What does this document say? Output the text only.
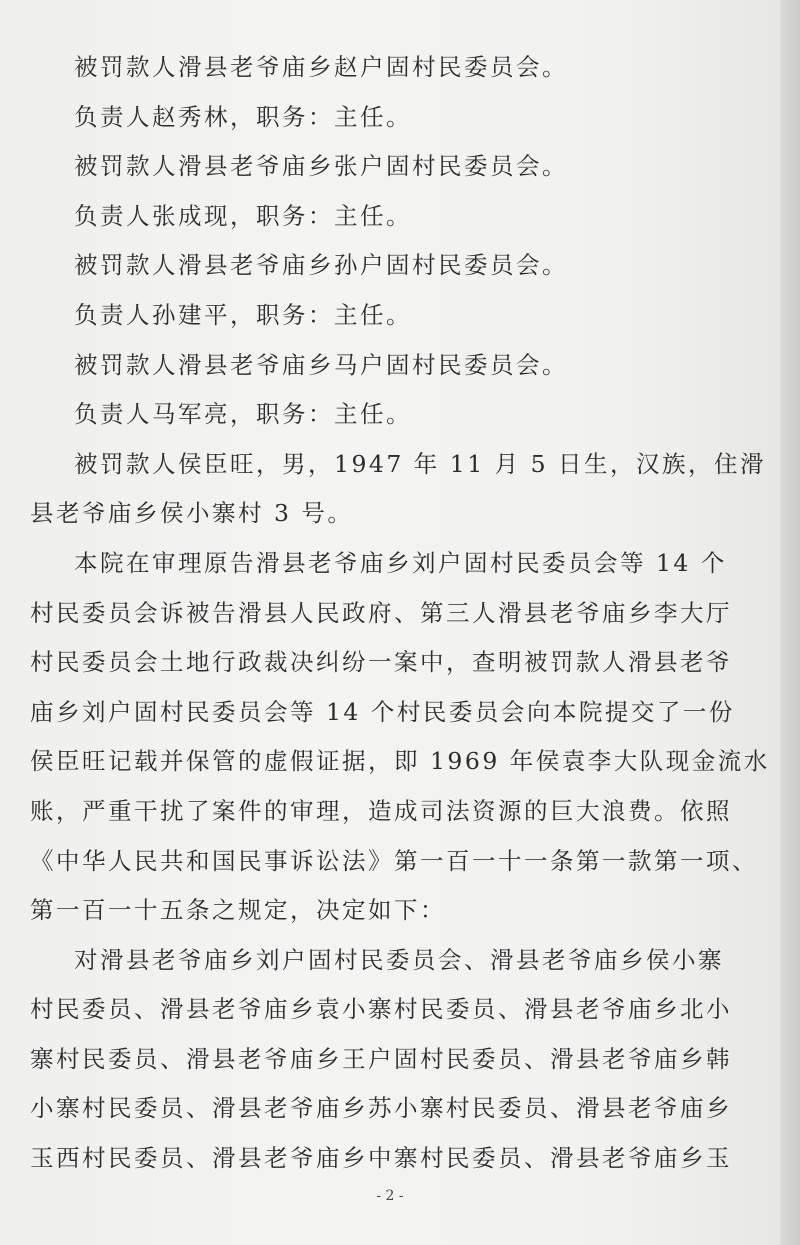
被罚款人滑县老爷庙乡赵户固村民委员会。
负责人赵秀林，职务：主任。
被罚款人滑县老爷庙乡张户固村民委员会。
负责人张成现，职务：主任。
被罚款人滑县老爷庙乡孙户固村民委员会。
负责人孙建平，职务：主任。
被罚款人滑县老爷庙乡马户固村民委员会。
负责人马军亮，职务：主任。
被罚款人侯臣旺，男，1947 年 11 月 5 日生，汉族，住滑
县老爷庙乡侯小寨村 3 号。
本院在审理原告滑县老爷庙乡刘户固村民委员会等 14 个
村民委员会诉被告滑县人民政府、第三人滑县老爷庙乡李大厅
村民委员会土地行政裁决纠纷一案中，查明被罚款人滑县老爷
庙乡刘户固村民委员会等 14 个村民委员会向本院提交了一份
侯臣旺记载并保管的虚假证据，即 1969 年侯袁李大队现金流水
账，严重干扰了案件的审理，造成司法资源的巨大浪费。依照
《中华人民共和国民事诉讼法》第一百一十一条第一款第一项、
第一百一十五条之规定，决定如下：
对滑县老爷庙乡刘户固村民委员会、滑县老爷庙乡侯小寨
村民委员、滑县老爷庙乡袁小寨村民委员、滑县老爷庙乡北小
寨村民委员、滑县老爷庙乡王户固村民委员、滑县老爷庙乡韩
小寨村民委员、滑县老爷庙乡苏小寨村民委员、滑县老爷庙乡
玉西村民委员、滑县老爷庙乡中寨村民委员、滑县老爷庙乡玉
- 2 -
